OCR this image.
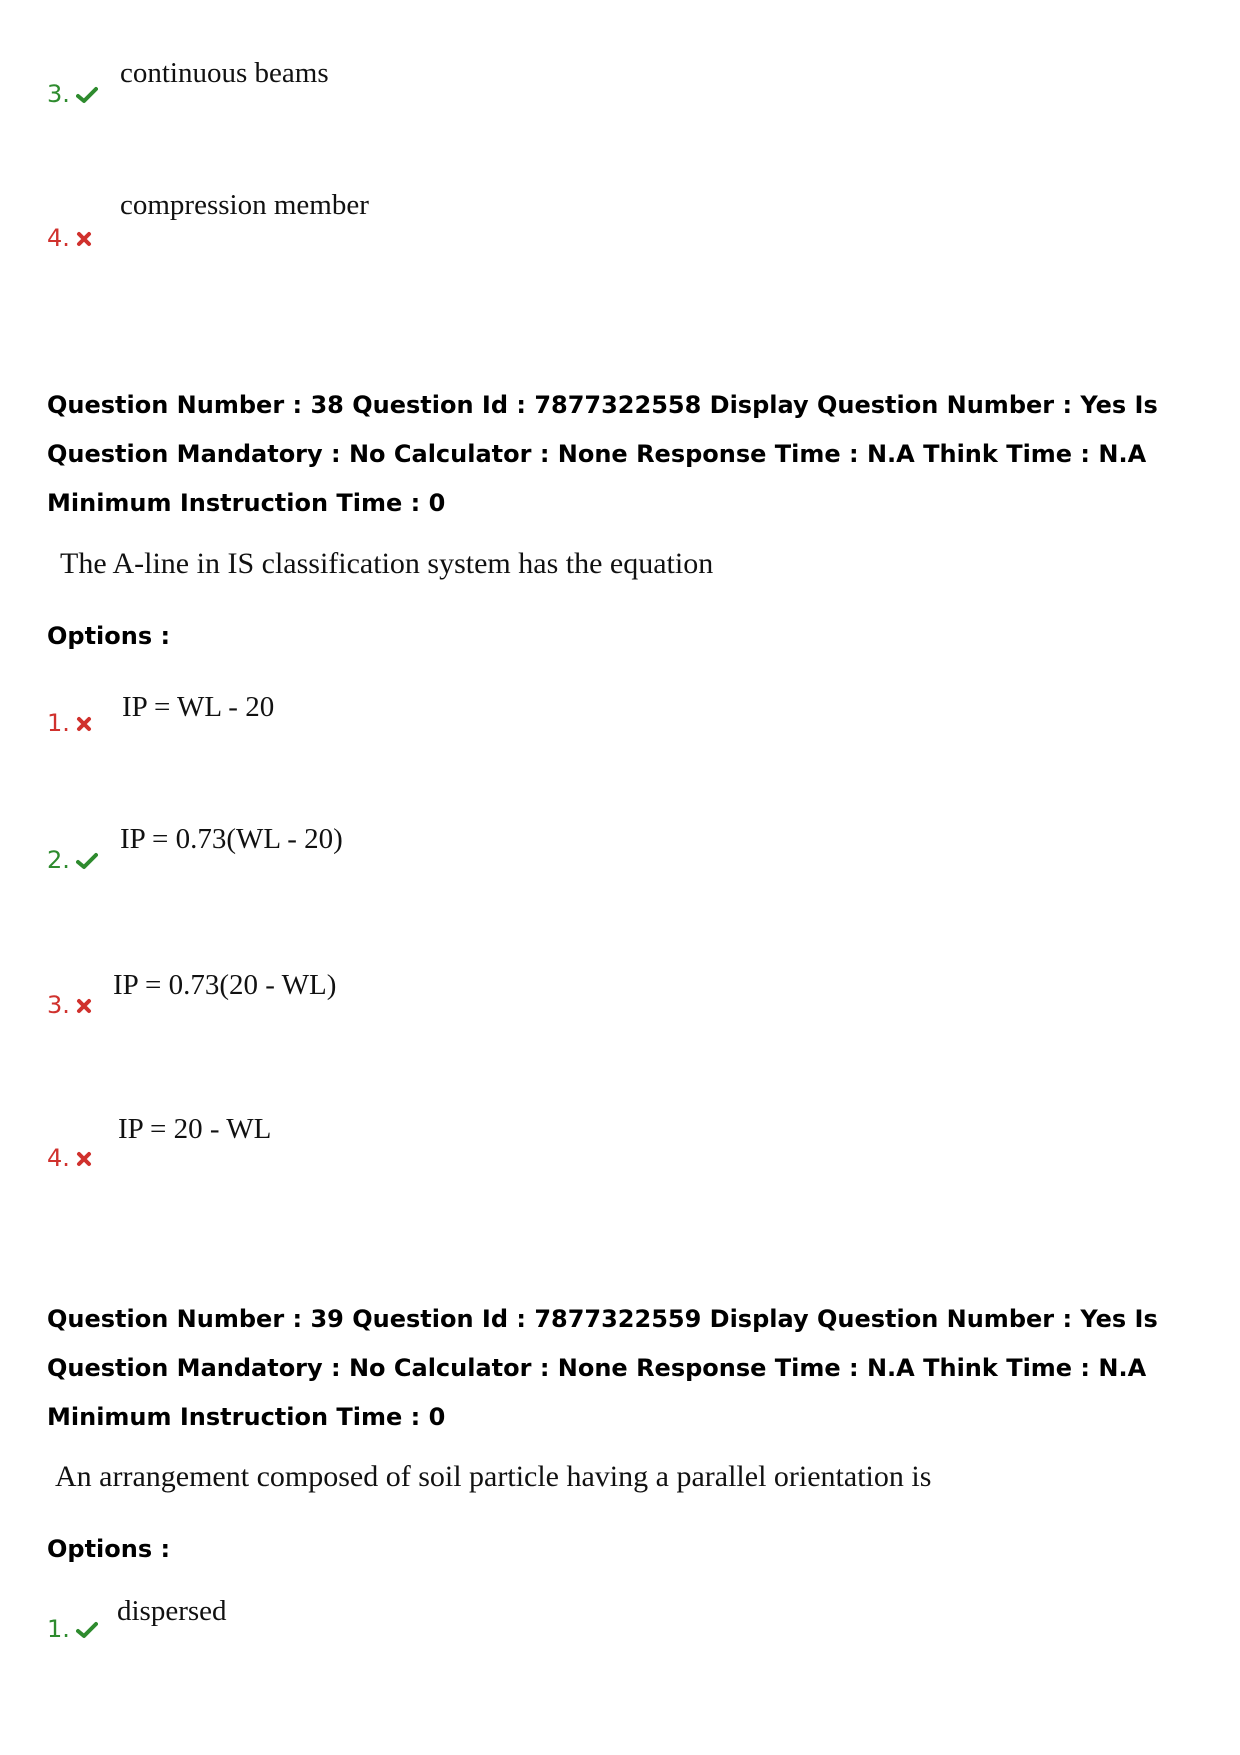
3.
continuous beams
4.
compression member
Question Number : 38 Question Id : 7877322558 Display Question Number : Yes Is Question Mandatory : No Calculator : None Response Time : N.A Think Time : N.A Minimum Instruction Time : 0
The A-line in IS classification system has the equation
Options :
1.	IP = WL - 20
2.
IP = 0.73(WL - 20)
3.
IP = 0.73(20 - WL)
4.
IP = 20 - WL
Question Number : 39 Question Id : 7877322559 Display Question Number : Yes Is Question Mandatory : No Calculator : None Response Time : N.A Think Time : N.A Minimum Instruction Time : 0
An arrangement composed of soil particle having a parallel orientation is
Options :
1.
dispersed
